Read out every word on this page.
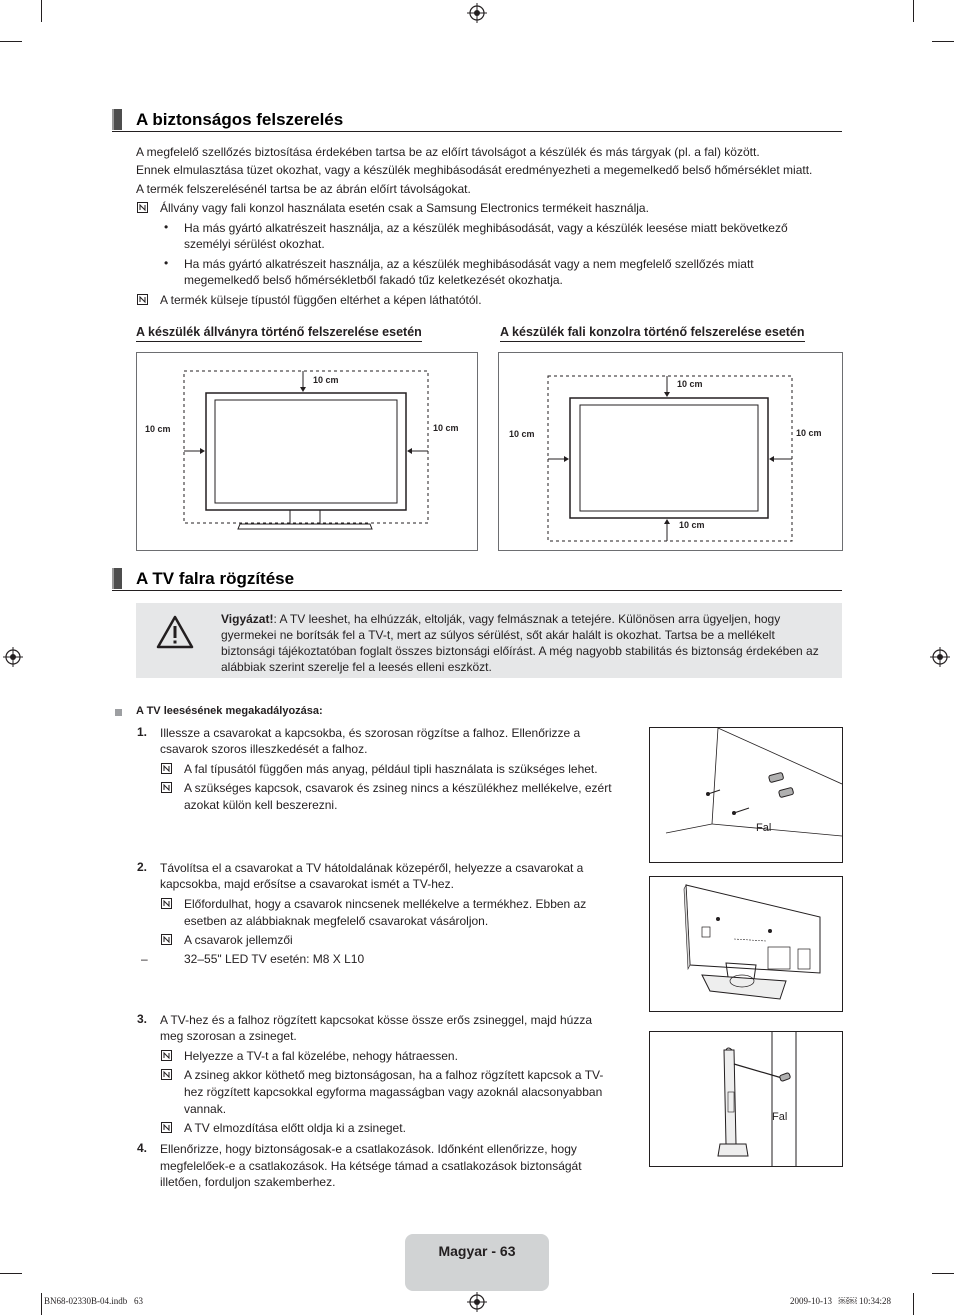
A biztonságos felszerelés
A megfelelő szellőzés biztosítása érdekében tartsa be az előírt távolságot a készülék és más tárgyak (pl. a fal) között.
Ennek elmulasztása tüzet okozhat, vagy a készülék meghibásodását eredményezheti a megemelkedő belső hőmérséklet miatt.
A termék felszerelésénél tartsa be az ábrán előírt távolságokat.
Állvány vagy fali konzol használata esetén csak a Samsung Electronics termékeit használja.
• Ha más gyártó alkatrészeit használja, az a készülék meghibásodását, vagy a készülék leesése miatt bekövetkező
személyi sérülést okozhat.
• Ha más gyártó alkatrészeit használja, az a készülék meghibásodását vagy a nem megfelelő szellőzés miatt
megemelkedő belső hőmérsékletből fakadó tűz keletkezését okozhatja.
A termék külseje típustól függően eltérhet a képen láthatótól.
A készülék állványra történő felszerelése esetén	A készülék fali konzolra történő felszerelése esetén
10 cm
10 cm	10 cm
10 cm
10 cm
10 cm	10 cm
A TV falra rögzítése
Vigyázat!: A TV leeshet, ha elhúzzák, eltolják, vagy felmásznak a tetejére. Különösen arra ügyeljen, hogy
gyermekei ne borítsák fel a TV-t, mert az súlyos sérülést, sőt akár halált is okozhat. Tartsa be a mellékelt
biztonsági tájékoztatóban foglalt összes biztonsági előírást. A még nagyobb stabilitás és biztonság érdekében az
alábbiak szerint szerelje fel a leesés elleni eszközt.
A TV leesésének megakadályozása:
1. Illessze a csavarokat a kapcsokba, és szorosan rögzítse a falhoz. Ellenőrizze a
csavarok szoros illeszkedését a falhoz.
A fal típusától függően más anyag, például tipli használata is szükséges lehet.
A szükséges kapcsok, csavarok és zsineg nincs a készülékhez mellékelve, ezért
azokat külön kell beszerezni.
Fal
2. Távolítsa el a csavarokat a TV hátoldalának közepéről, helyezze a csavarokat a
kapcsokba, majd erősítse a csavarokat ismét a TV-hez.
Előfordulhat, hogy a csavarok nincsenek mellékelve a termékhez. Ebben az
esetben az alábbiaknak megfelelő csavarokat vásároljon.
A csavarok jellemzői
–	32–55" LED TV esetén: M8 X L10
3. A TV-hez és a falhoz rögzített kapcsokat kösse össze erős zsineggel, majd húzza
meg szorosan a zsineget.
Helyezze a TV-t a fal közelébe, nehogy hátraessen.
A zsineg akkor köthető meg biztonságosan, ha a falhoz rögzített kapcsok a TV-
hez rögzített kapcsokkal egyforma magasságban vagy azoknál alacsonyabban
vannak.
A TV elmozdítása előtt oldja ki a zsineget.
Fal
4. Ellenőrizze, hogy biztonságosak-e a csatlakozások. Időnként ellenőrizze, hogy
megfelelőek-e a csatlakozások. Ha kétsége támad a csatlakozások biztonságát
illetően, forduljon szakemberhez.
Magyar - 63
BN68-02330B-04.indb   63	2009-10-13   ￼￼ 10:34:28
